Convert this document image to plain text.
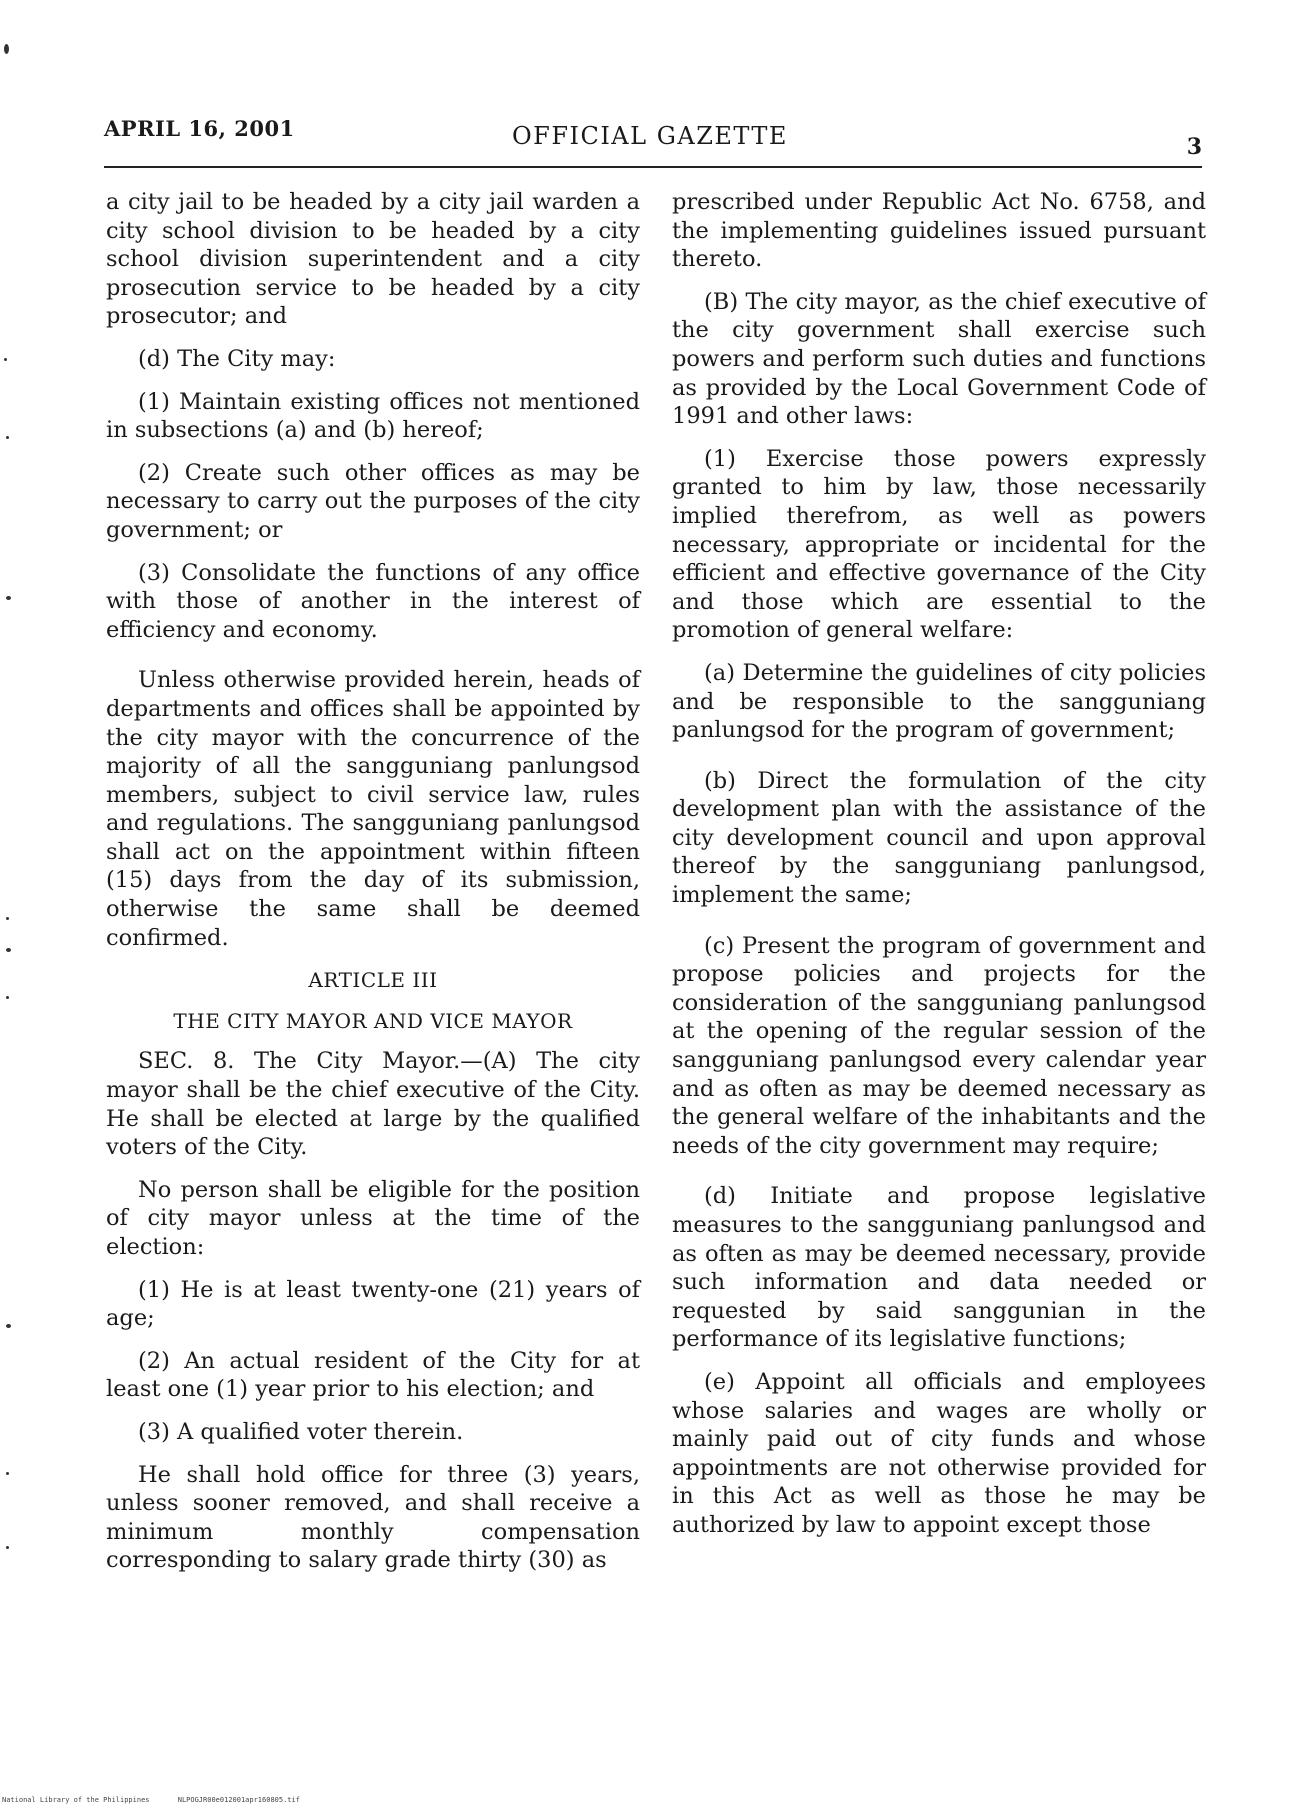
APRIL 16, 2001	OFFICIAL GAZETTE	3

a city jail to be headed by a city jail warden a city school division to be headed by a city school division superintendent and a city prosecution service to be headed by a city prosecutor; and

(d) The City may:

(1) Maintain existing offices not mentioned in subsections (a) and (b) hereof;

(2) Create such other offices as may be necessary to carry out the purposes of the city government; or

(3) Consolidate the functions of any office with those of another in the interest of efficiency and economy.

Unless otherwise provided herein, heads of departments and offices shall be appointed by the city mayor with the concurrence of the majority of all the sangguniang panlungsod members, subject to civil service law, rules and regulations. The sangguniang panlungsod shall act on the appointment within fifteen (15) days from the day of its submission, otherwise the same shall be deemed confirmed.

ARTICLE III

THE CITY MAYOR AND VICE MAYOR

SEC. 8. The City Mayor.—(A) The city mayor shall be the chief executive of the City. He shall be elected at large by the qualified voters of the City.

No person shall be eligible for the position of city mayor unless at the time of the election:

(1) He is at least twenty-one (21) years of age;

(2) An actual resident of the City for at least one (1) year prior to his election; and

(3) A qualified voter therein.

He shall hold office for three (3) years, unless sooner removed, and shall receive a minimum monthly compensation corresponding to salary grade thirty (30) as

prescribed under Republic Act No. 6758, and the implementing guidelines issued pursuant thereto.

(B) The city mayor, as the chief executive of the city government shall exercise such powers and perform such duties and functions as provided by the Local Government Code of 1991 and other laws:

(1) Exercise those powers expressly granted to him by law, those necessarily implied therefrom, as well as powers necessary, appropriate or incidental for the efficient and effective governance of the City and those which are essential to the promotion of general welfare:

(a) Determine the guidelines of city policies and be responsible to the sangguniang panlungsod for the program of government;

(b) Direct the formulation of the city development plan with the assistance of the city development council and upon approval thereof by the sangguniang panlungsod, implement the same;

(c) Present the program of government and propose policies and projects for the consideration of the sangguniang panlungsod at the opening of the regular session of the sangguniang panlungsod every calendar year and as often as may be deemed necessary as the general welfare of the inhabitants and the needs of the city government may require;

(d) Initiate and propose legislative measures to the sangguniang panlungsod and as often as may be deemed necessary, provide such information and data needed or requested by said sanggunian in the performance of its legislative functions;

(e) Appoint all officials and employees whose salaries and wages are wholly or mainly paid out of city funds and whose appointments are not otherwise provided for in this Act as well as those he may be authorized by law to appoint except those

National Library of the Philippines	NLPOGJR00e012001apr160805.tif
